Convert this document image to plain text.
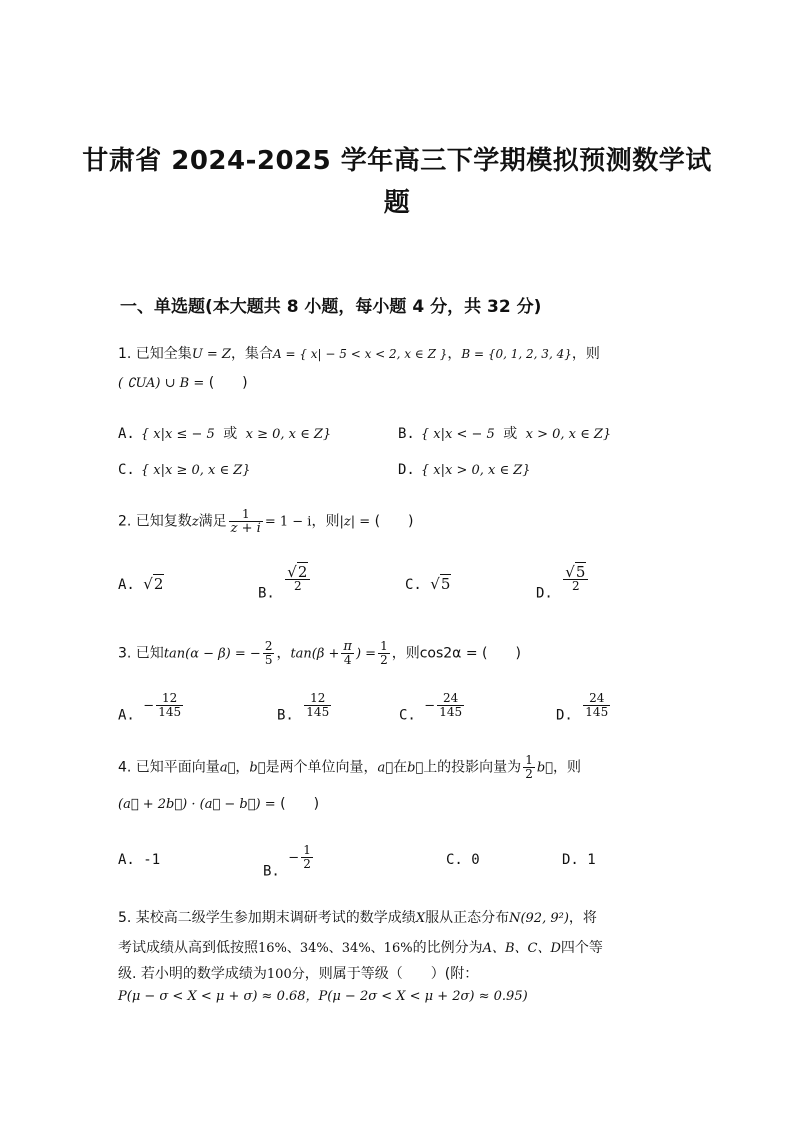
甘肃省 2024-2025 学年高三下学期模拟预测数学试
题
一、单选题(本大题共 8 小题，每小题 4 分，共 32 分)
1. 已知全集U = Z，集合A = { x| − 5 < x < 2, x ∈ Z }，B = {0, 1, 2, 3, 4}，则
( ∁UA) ∪ B = (　　)
A. { x|x ≤ − 5 或 x ≥ 0, x ∈ Z}	B. { x|x < − 5 或 x > 0, x ∈ Z}
C. { x|x ≥ 0, x ∈ Z}	D. { x|x > 0, x ∈ Z}
2. 已知复数z满足 $\frac{1}{z + i} = 1 - i$，则|z| = (　　)
A. √2
B.
$\frac{√2}{2}$	C. √5
D.
$\frac{√5}{2}$
3. 已知tan(α − β) = − $\frac{2}{5}$ ，$\tan(\beta + \frac{\pi}{4}$ ) = $\frac{1}{2}$ ，则cos2α = (　　)
A. − $\frac{12}{145}$	B. $\frac{12}{145}$	C. − $\frac{24}{145}$	D. $\frac{24}{145}$
4. 已知平面向量a⃗，b⃗是两个单位向量，a⃗在b⃗上的投影向量为 $\frac{1}{2}$ b⃗，则
(a⃗ + 2b⃗) · (a⃗ − b⃗) = (　　)
A. -1
B. − $\frac{1}{2}$	C. 0	D. 1
5. 某校高二级学生参加期末调研考试的数学成绩X服从正态分布N(92, 9²)，将
考试成绩从高到低按照16%、34%、34%、16%的比例分为A、B、C、D四个等
级. 若小明的数学成绩为100分，则属于等级（　　）(附：
P(μ − σ < X < μ + σ) ≈ 0.68，P(μ − 2σ < X < μ + 2σ) ≈ 0.95)
